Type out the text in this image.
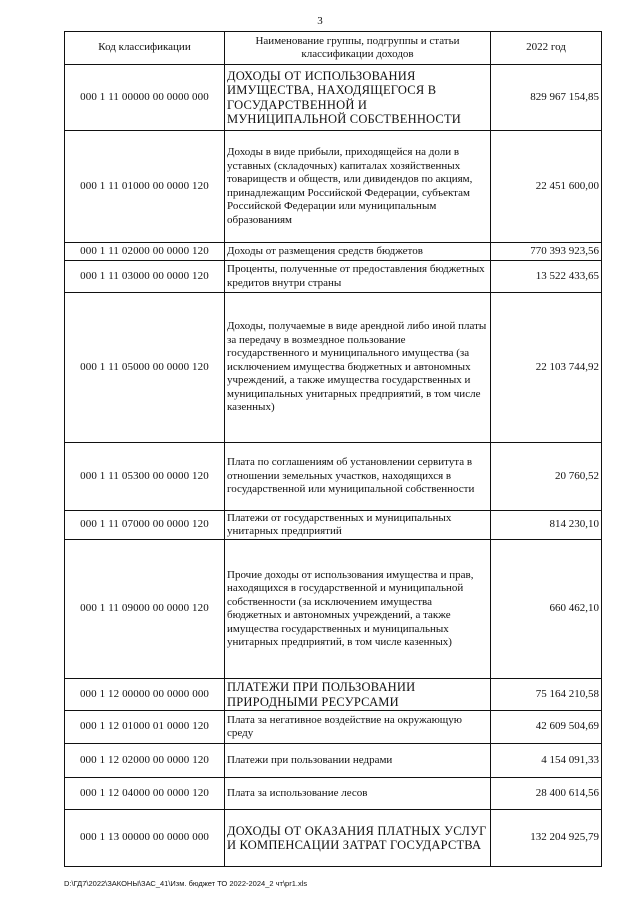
3
Код классификации	Наименование группы, подгруппы и статьи классификации доходов	2022 год
000 1 11 00000 00 0000 000	ДОХОДЫ ОТ ИСПОЛЬЗОВАНИЯ ИМУЩЕСТВА, НАХОДЯЩЕГОСЯ В ГОСУДАРСТВЕННОЙ И МУНИЦИПАЛЬНОЙ СОБСТВЕННОСТИ	829 967 154,85
000 1 11 01000 00 0000 120	Доходы в виде прибыли, приходящейся на доли в уставных (складочных) капиталах хозяйственных товариществ и обществ, или дивидендов по акциям, принадлежащим Российской Федерации, субъектам Российской Федерации или муниципальным образованиям	22 451 600,00
000 1 11 02000 00 0000 120	Доходы от размещения средств бюджетов	770 393 923,56
000 1 11 03000 00 0000 120	Проценты, полученные от предоставления бюджетных кредитов внутри страны	13 522 433,65
000 1 11 05000 00 0000 120	Доходы, получаемые в виде арендной либо иной платы за передачу в возмездное пользование государственного и муниципального имущества (за исключением имущества бюджетных и автономных учреждений, а также имущества государственных и муниципальных унитарных предприятий, в том числе казенных)	22 103 744,92
000 1 11 05300 00 0000 120	Плата по соглашениям об установлении сервитута в отношении земельных участков, находящихся в государственной или муниципальной собственности	20 760,52
000 1 11 07000 00 0000 120	Платежи от государственных и муниципальных унитарных предприятий	814 230,10
000 1 11 09000 00 0000 120	Прочие доходы от использования имущества и прав, находящихся в государственной и муниципальной собственности (за исключением имущества бюджетных и автономных учреждений, а также имущества государственных и муниципальных унитарных предприятий, в том числе казенных)	660 462,10
000 1 12 00000 00 0000 000	ПЛАТЕЖИ ПРИ ПОЛЬЗОВАНИИ ПРИРОДНЫМИ РЕСУРСАМИ	75 164 210,58
000 1 12 01000 01 0000 120	Плата за негативное воздействие на окружающую среду	42 609 504,69
000 1 12 02000 00 0000 120	Платежи при пользовании недрами	4 154 091,33
000 1 12 04000 00 0000 120	Плата за использование лесов	28 400 614,56
000 1 13 00000 00 0000 000	ДОХОДЫ ОТ ОКАЗАНИЯ ПЛАТНЫХ УСЛУГ И КОМПЕНСАЦИИ ЗАТРАТ ГОСУДАРСТВА	132 204 925,79
D:\ГД7\2022\ЗАКОНЫ\ЗАС_41\Изм. бюджет ТО 2022-2024_2 чт\pr1.xls
